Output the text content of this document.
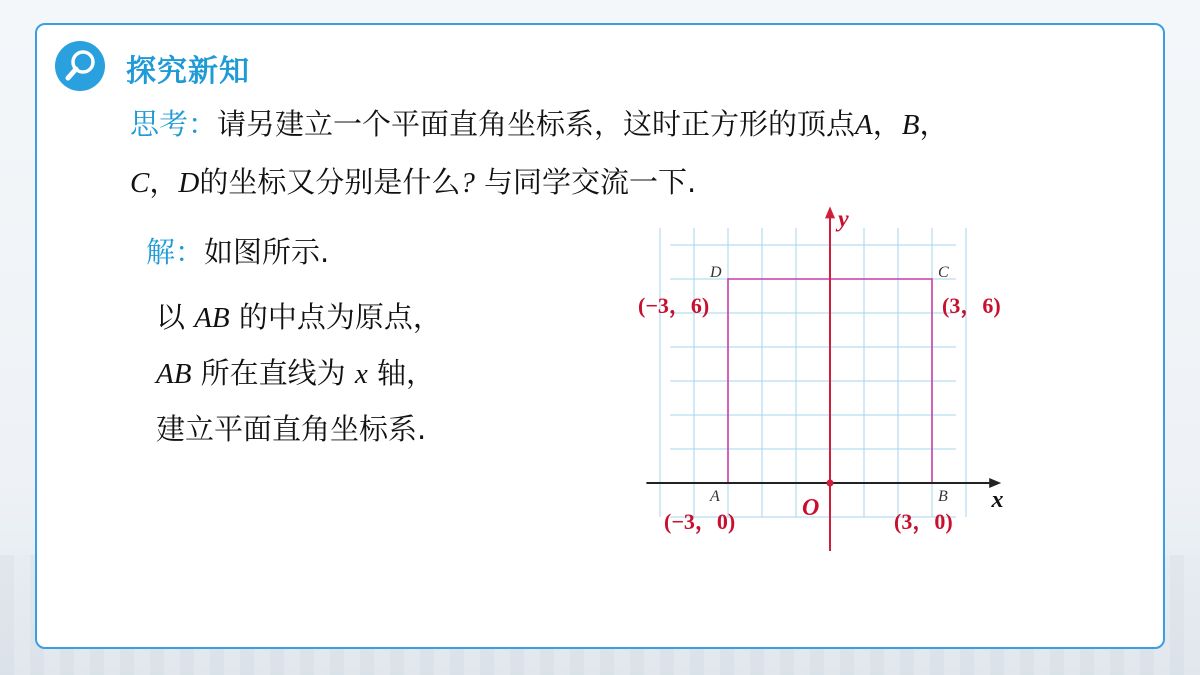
探究新知
思考：请另建立一个平面直角坐标系，这时正方形的顶点A，B，
C，D的坐标又分别是什么? 与同学交流一下.
解：如图所示.
以 AB 的中点为原点，
AB 所在直线为 x 轴，
建立平面直角坐标系.
x
y
O
A
(−3，0)
B
(3，0)
C
(3，6)
D
(−3，6)
